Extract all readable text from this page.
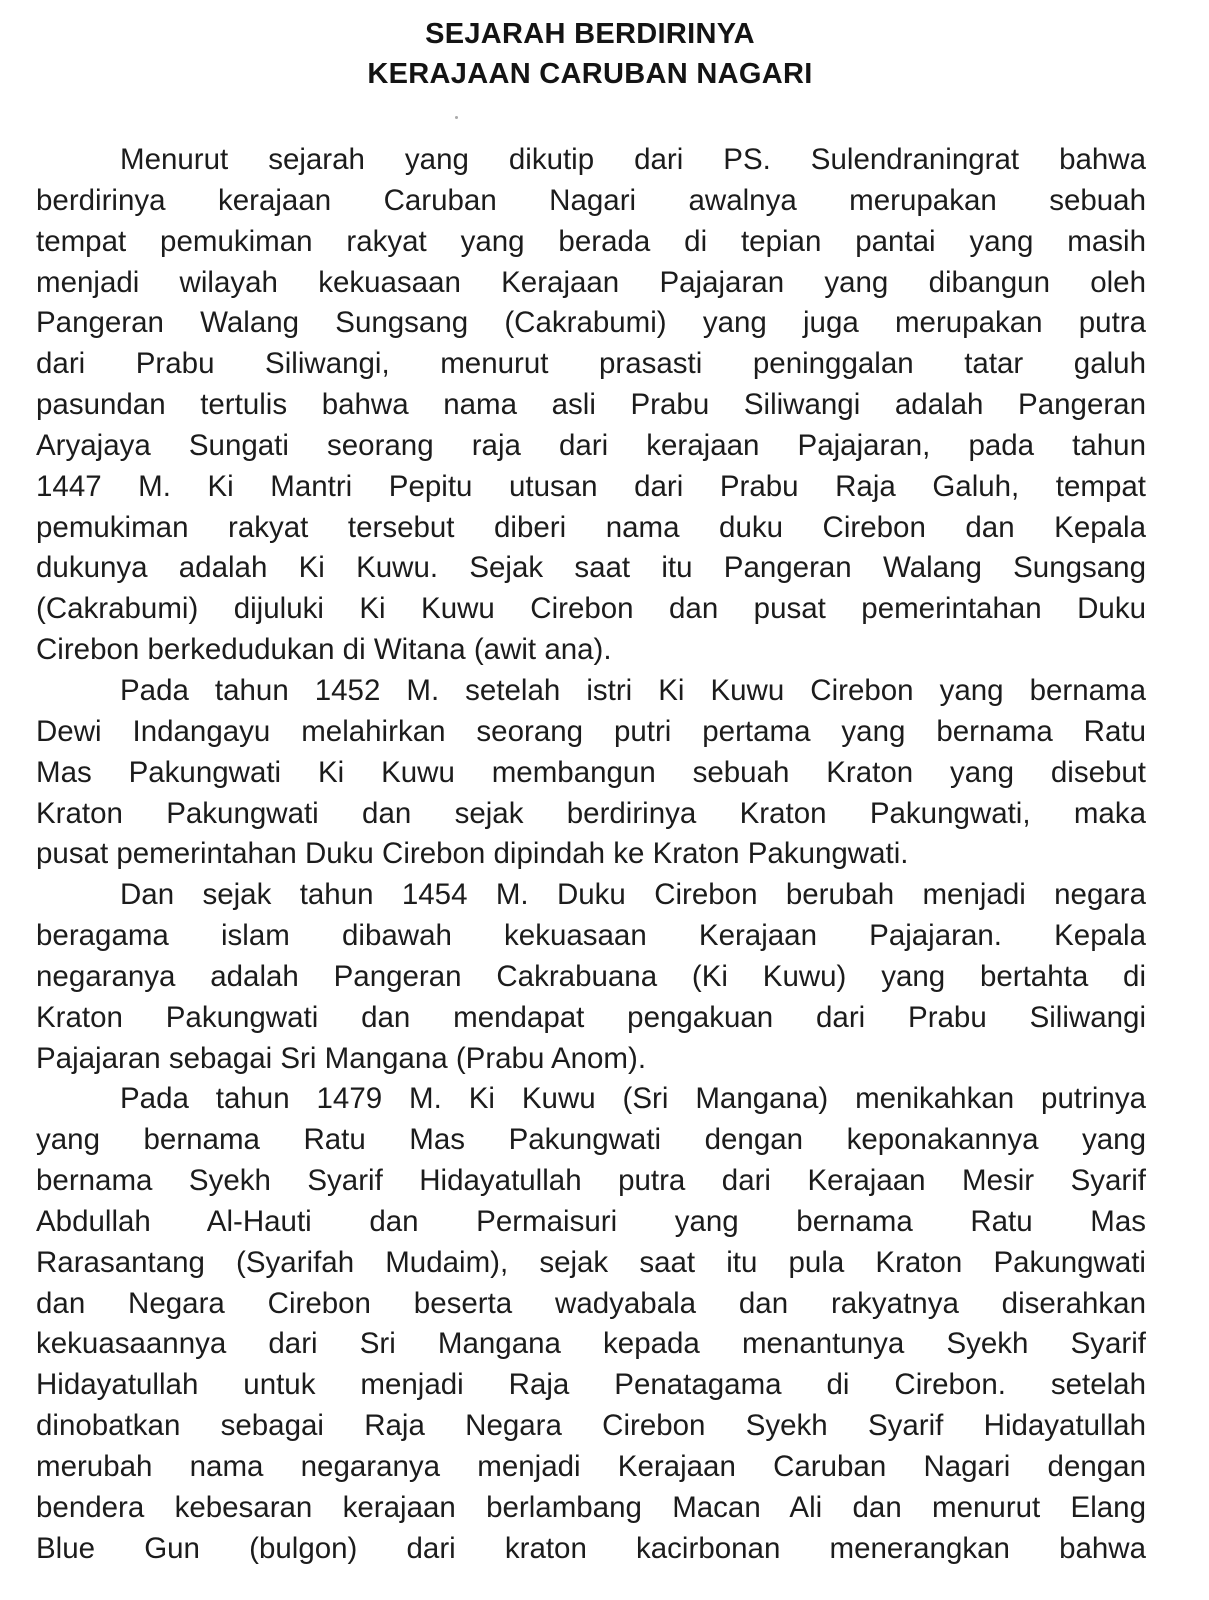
SEJARAH BERDIRINYA
KERAJAAN CARUBAN NAGARI
Menurut sejarah yang dikutip dari PS. Sulendraningrat bahwa
berdirinya kerajaan Caruban Nagari awalnya merupakan sebuah
tempat pemukiman rakyat yang berada di tepian pantai yang masih
menjadi wilayah kekuasaan Kerajaan Pajajaran yang dibangun oleh
Pangeran Walang Sungsang (Cakrabumi) yang juga merupakan putra
dari Prabu Siliwangi, menurut prasasti peninggalan tatar galuh
pasundan tertulis bahwa nama asli Prabu Siliwangi adalah Pangeran
Aryajaya Sungati seorang raja dari kerajaan Pajajaran, pada tahun
1447 M. Ki Mantri Pepitu utusan dari Prabu Raja Galuh, tempat
pemukiman rakyat tersebut diberi nama duku Cirebon dan Kepala
dukunya adalah Ki Kuwu. Sejak saat itu Pangeran Walang Sungsang
(Cakrabumi) dijuluki Ki Kuwu Cirebon dan pusat pemerintahan Duku
Cirebon berkedudukan di Witana (awit ana).
Pada tahun 1452 M. setelah istri Ki Kuwu Cirebon yang bernama
Dewi Indangayu melahirkan seorang putri pertama yang bernama Ratu
Mas Pakungwati Ki Kuwu membangun sebuah Kraton yang disebut
Kraton Pakungwati dan sejak berdirinya Kraton Pakungwati, maka
pusat pemerintahan Duku Cirebon dipindah ke Kraton Pakungwati.
Dan sejak tahun 1454 M. Duku Cirebon berubah menjadi negara
beragama islam dibawah kekuasaan Kerajaan Pajajaran. Kepala
negaranya adalah Pangeran Cakrabuana (Ki Kuwu) yang bertahta di
Kraton Pakungwati dan mendapat pengakuan dari Prabu Siliwangi
Pajajaran sebagai Sri Mangana (Prabu Anom).
Pada tahun 1479 M. Ki Kuwu (Sri Mangana) menikahkan putrinya
yang bernama Ratu Mas Pakungwati dengan keponakannya yang
bernama Syekh Syarif Hidayatullah putra dari Kerajaan Mesir Syarif
Abdullah Al-Hauti dan Permaisuri yang bernama Ratu Mas
Rarasantang (Syarifah Mudaim), sejak saat itu pula Kraton Pakungwati
dan Negara Cirebon beserta wadyabala dan rakyatnya diserahkan
kekuasaannya dari Sri Mangana kepada menantunya Syekh Syarif
Hidayatullah untuk menjadi Raja Penatagama di Cirebon. setelah
dinobatkan sebagai Raja Negara Cirebon Syekh Syarif Hidayatullah
merubah nama negaranya menjadi Kerajaan Caruban Nagari dengan
bendera kebesaran kerajaan berlambang Macan Ali dan menurut Elang
Blue Gun (bulgon) dari kraton kacirbonan menerangkan bahwa
